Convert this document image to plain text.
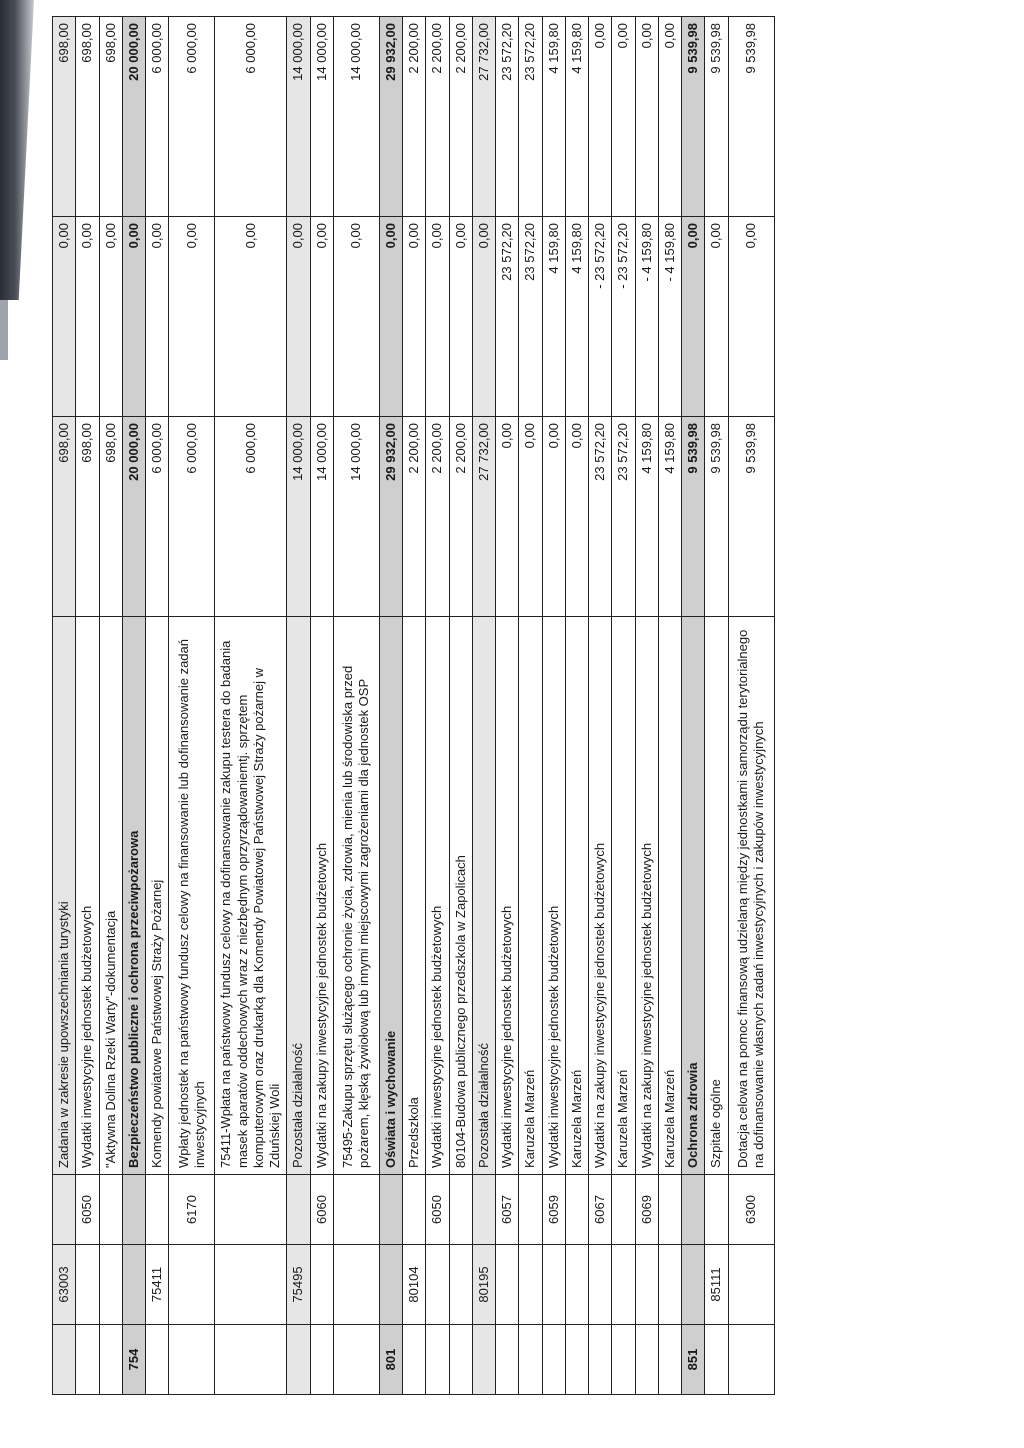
	63003		Zadania w zakresie upowszechniania turystyki	698,00	0,00	698,00
		6050	Wydatki inwestycyjne jednostek budżetowych	698,00	0,00	698,00
			"Aktywna Dolina Rzeki Warty"-dokumentacja	698,00	0,00	698,00
754			Bezpieczeństwo publiczne i ochrona przeciwpożarowa	20 000,00	0,00	20 000,00
	75411		Komendy powiatowe Państwowej Straży Pożarnej	6 000,00	0,00	6 000,00
		6170	Wpłaty jednostek na państwowy fundusz celowy na finansowanie lub dofinansowanie zadań inwestycyjnych	6 000,00	0,00	6 000,00
			75411-Wpłata na państwowy fundusz celowy na dofinansowanie zakupu testera do badania masek aparatów oddechowych wraz z niezbędnym oprzyrządowaniemtj. sprzętem komputerowym oraz drukarką dla Komendy Powiatowej Państwowej Straży pożarnej w Zduńskiej Woli	6 000,00	0,00	6 000,00
	75495		Pozostała działalność	14 000,00	0,00	14 000,00
		6060	Wydatki na zakupy inwestycyjne jednostek budżetowych	14 000,00	0,00	14 000,00
			75495-Zakupu sprzętu służącego ochronie życia, zdrowia, mienia lub środowiska przed pożarem, klęską żywiołową lub innymi miejscowymi zagrożeniami dla jednostek OSP	14 000,00	0,00	14 000,00
801			Oświata i wychowanie	29 932,00	0,00	29 932,00
	80104		Przedszkola	2 200,00	0,00	2 200,00
		6050	Wydatki inwestycyjne jednostek budżetowych	2 200,00	0,00	2 200,00
			80104-Budowa publicznego przedszkola w Zapolicach	2 200,00	0,00	2 200,00
	80195		Pozostała działalność	27 732,00	0,00	27 732,00
		6057	Wydatki inwestycyjne jednostek budżetowych	0,00	23 572,20	23 572,20
			Karuzela Marzeń	0,00	23 572,20	23 572,20
		6059	Wydatki inwestycyjne jednostek budżetowych	0,00	4 159,80	4 159,80
			Karuzela Marzeń	0,00	4 159,80	4 159,80
		6067	Wydatki na zakupy inwestycyjne jednostek budżetowych	23 572,20	- 23 572,20	0,00
			Karuzela Marzeń	23 572,20	- 23 572,20	0,00
		6069	Wydatki na zakupy inwestycyjne jednostek budżetowych	4 159,80	- 4 159,80	0,00
			Karuzela Marzeń	4 159,80	- 4 159,80	0,00
851			Ochrona zdrowia	9 539,98	0,00	9 539,98
	85111		Szpitale ogólne	9 539,98	0,00	9 539,98
		6300	Dotacja celowa na pomoc finansową udzielaną między jednostkami samorządu terytorialnego na dofinansowanie własnych zadań inwestycyjnych i zakupów inwestycyjnych	9 539,98	0,00	9 539,98
